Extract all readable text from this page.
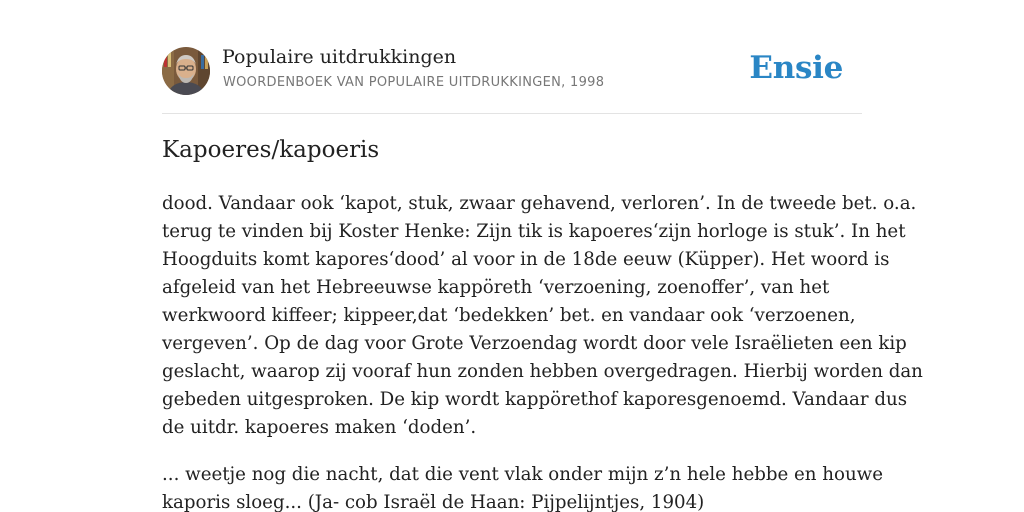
Populaire uitdrukkingen
WOORDENBOEK VAN POPULAIRE UITDRUKKINGEN, 1998	Ensie
Kapoeres/kapoeris

dood. Vandaar ook ‘kapot, stuk, zwaar gehavend, verloren’. In de tweede bet. o.a.
terug te vinden bij Koster Henke: Zijn tik is kapoeres‘zijn horloge is stuk’. In het
Hoogduits komt kapores‘dood’ al voor in de 18de eeuw (Küpper). Het woord is
afgeleid van het Hebreeuwse kappöreth ‘verzoening, zoenoffer’, van het
werkwoord kiffeer; kippeer,dat ‘bedekken’ bet. en vandaar ook ‘verzoenen,
vergeven’. Op de dag voor Grote Verzoendag wordt door vele Israëlieten een kip
geslacht, waarop zij vooraf hun zonden hebben overgedragen. Hierbij worden dan
gebeden uitgesproken. De kip wordt kappörethof kaporesgenoemd. Vandaar dus
de uitdr. kapoeres maken ‘doden’.

... weetje nog die nacht, dat die vent vlak onder mijn z’n hele hebbe en houwe
kaporis sloeg... (Ja- cob Israël de Haan: Pijpelijntjes, 1904)
